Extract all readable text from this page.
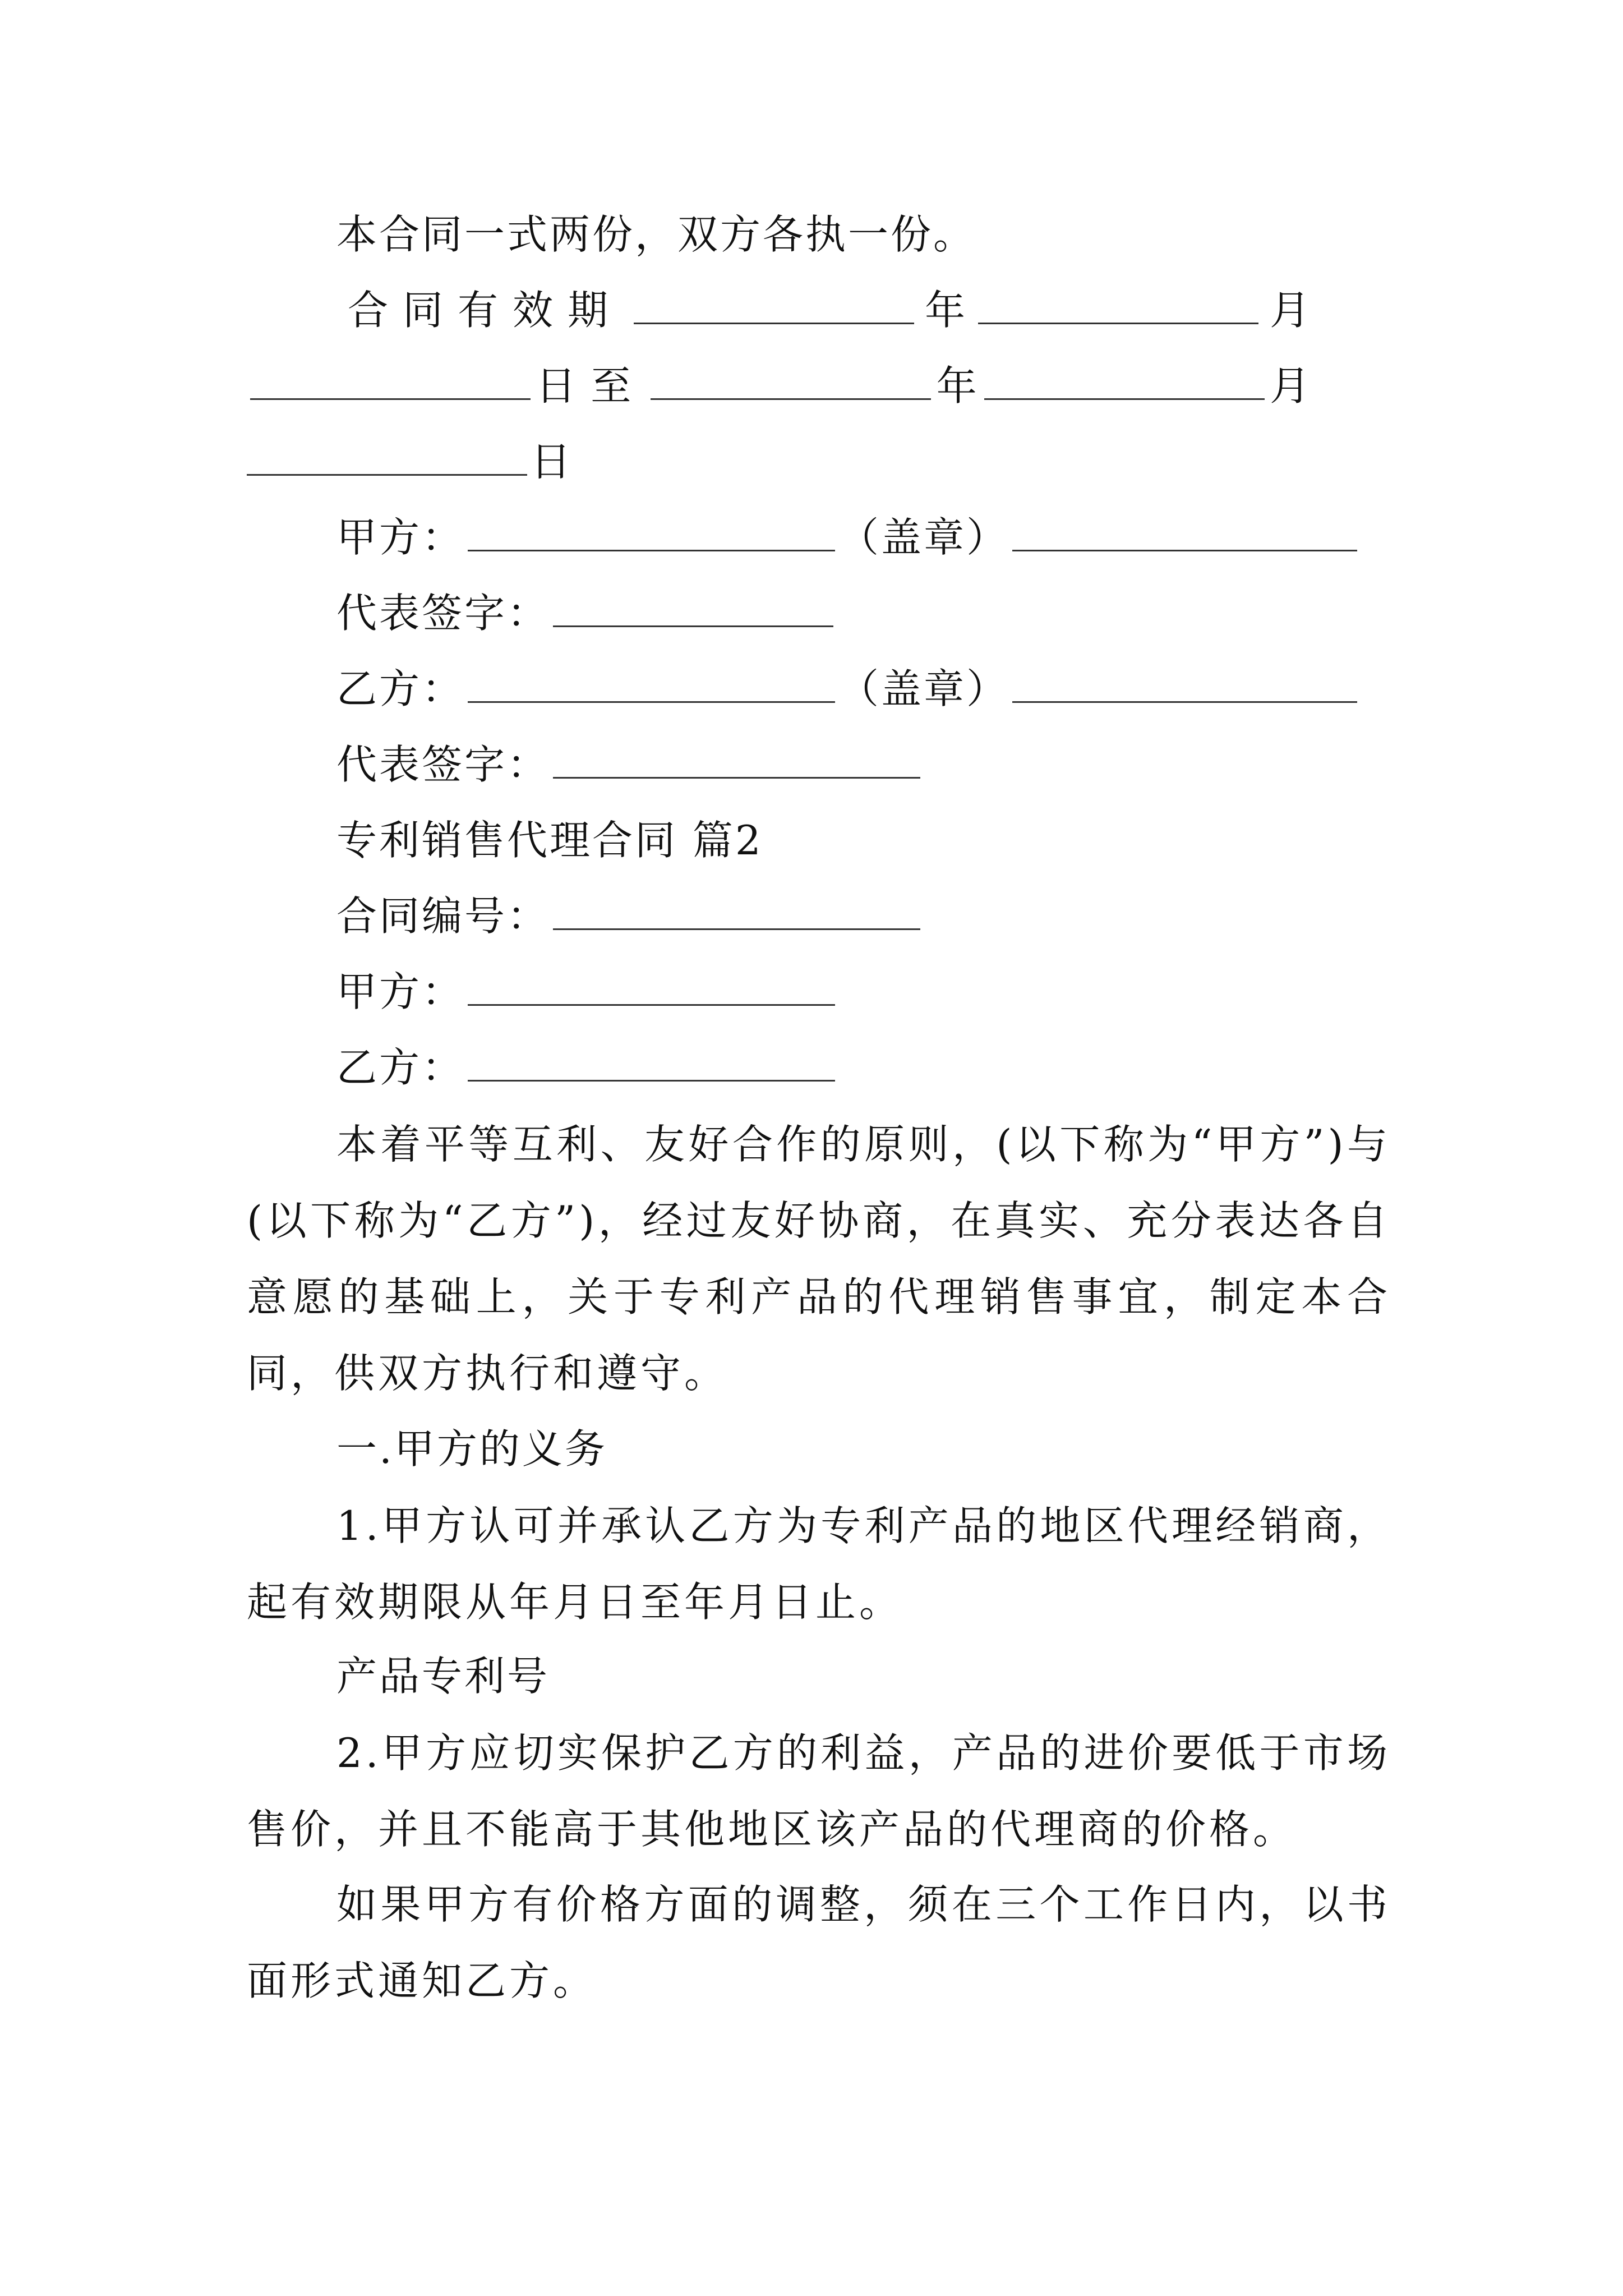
本合同一式两份，双方各执一份。
合同有效期	年	月
日至	年	月
日
甲方：	（盖章）
代表签字：
乙方：	（盖章）
代表签字：
专利销售代理合同 篇2
合同编号：
甲方：
乙方：

本着平等互利、友好合作的原则，(以下称为“甲方”)与(以下称为“乙方”)，经过友好协商，在真实、充分表达各自意愿的基础上，关于专利产品的代理销售事宜，制定本合同，供双方执行和遵守。

一.甲方的义务

1.甲方认可并承认乙方为专利产品的地区代理经销商，起有效期限从年月日至年月日止。

产品专利号

2.甲方应切实保护乙方的利益，产品的进价要低于市场售价，并且不能高于其他地区该产品的代理商的价格。

如果甲方有价格方面的调整，须在三个工作日内，以书面形式通知乙方。
